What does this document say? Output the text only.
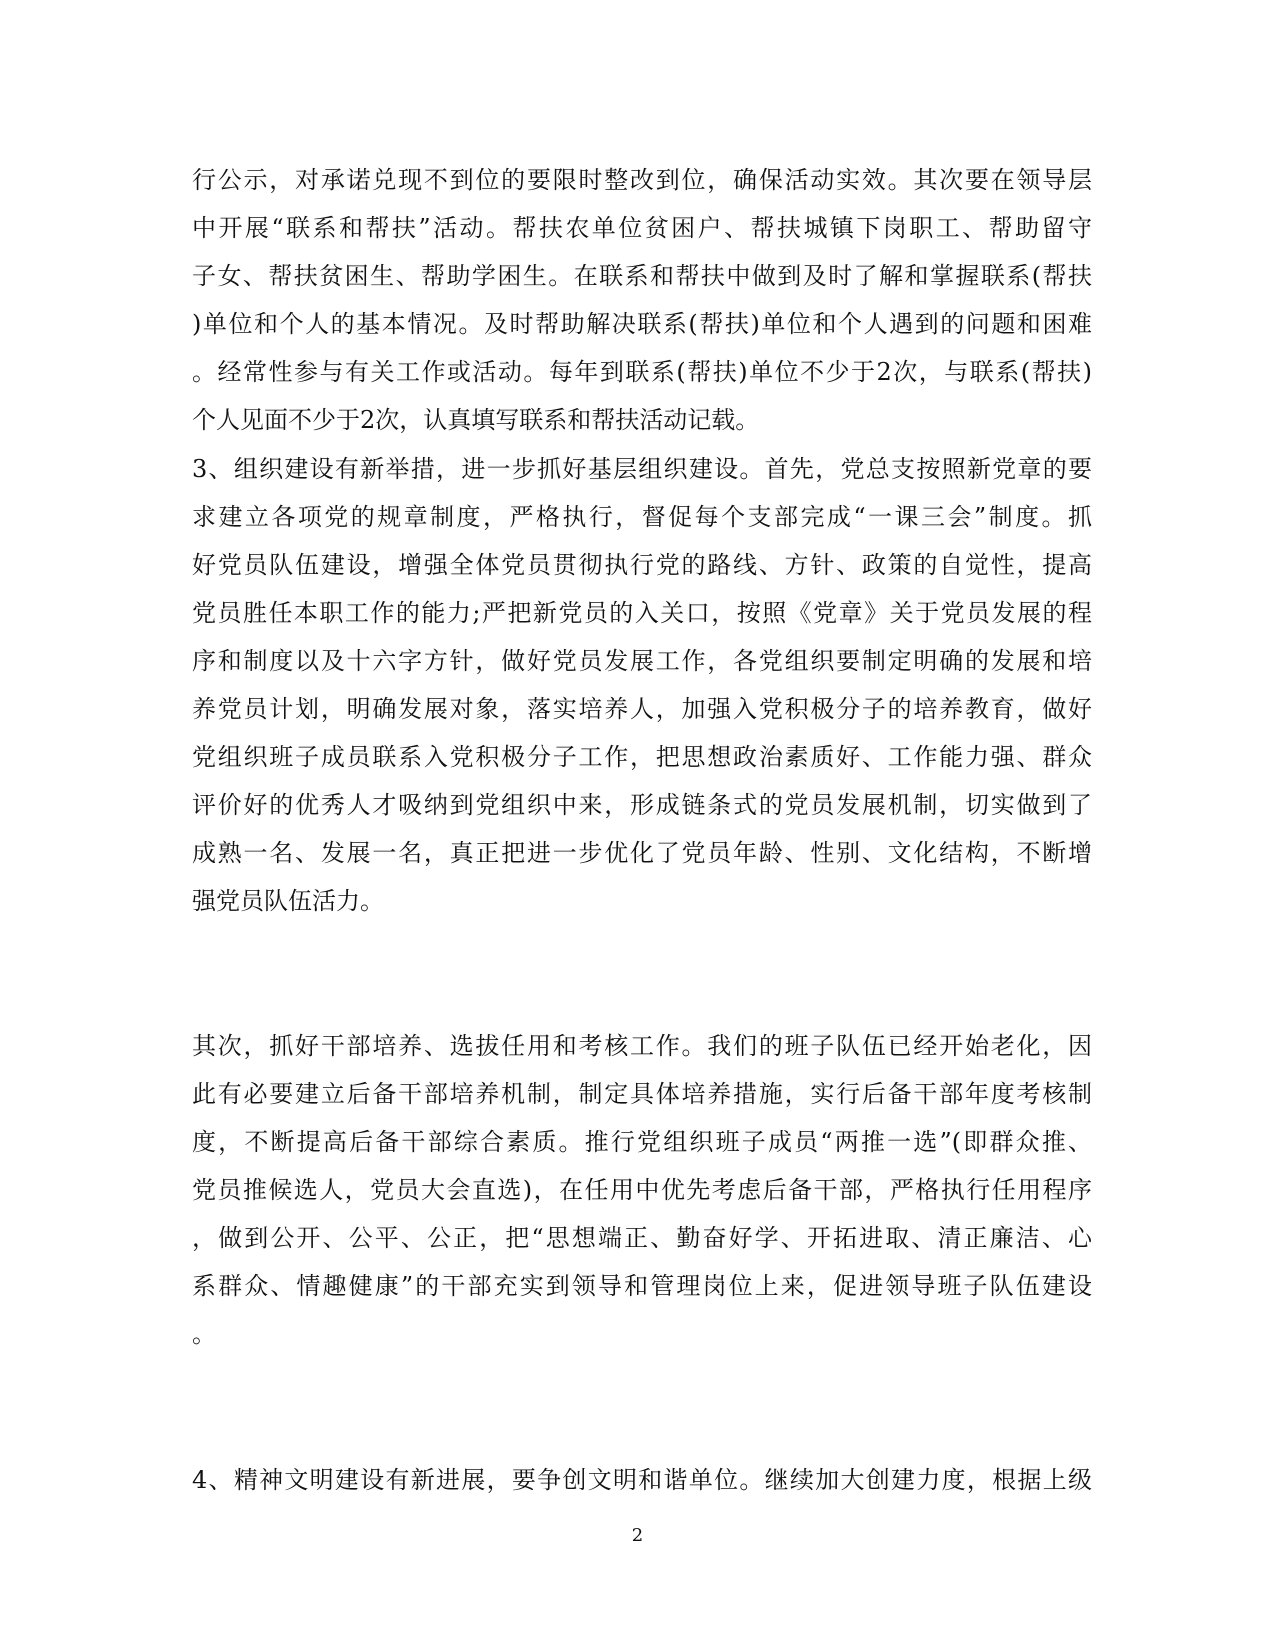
行公示，对承诺兑现不到位的要限时整改到位，确保活动实效。其次要在领导层
中开展“联系和帮扶”活动。帮扶农单位贫困户、帮扶城镇下岗职工、帮助留守
子女、帮扶贫困生、帮助学困生。在联系和帮扶中做到及时了解和掌握联系(帮扶
)单位和个人的基本情况。及时帮助解决联系(帮扶)单位和个人遇到的问题和困难
。经常性参与有关工作或活动。每年到联系(帮扶)单位不少于2次，与联系(帮扶)
个人见面不少于2次，认真填写联系和帮扶活动记载。
3、组织建设有新举措，进一步抓好基层组织建设。首先，党总支按照新党章的要
求建立各项党的规章制度，严格执行，督促每个支部完成“一课三会”制度。抓
好党员队伍建设，增强全体党员贯彻执行党的路线、方针、政策的自觉性，提高
党员胜任本职工作的能力;严把新党员的入关口，按照《党章》关于党员发展的程
序和制度以及十六字方针，做好党员发展工作，各党组织要制定明确的发展和培
养党员计划，明确发展对象，落实培养人，加强入党积极分子的培养教育，做好
党组织班子成员联系入党积极分子工作，把思想政治素质好、工作能力强、群众
评价好的优秀人才吸纳到党组织中来，形成链条式的党员发展机制，切实做到了
成熟一名、发展一名，真正把进一步优化了党员年龄、性别、文化结构，不断增
强党员队伍活力。
其次，抓好干部培养、选拔任用和考核工作。我们的班子队伍已经开始老化，因
此有必要建立后备干部培养机制，制定具体培养措施，实行后备干部年度考核制
度，不断提高后备干部综合素质。推行党组织班子成员“两推一选”(即群众推、
党员推候选人，党员大会直选)，在任用中优先考虑后备干部，严格执行任用程序
，做到公开、公平、公正，把“思想端正、勤奋好学、开拓进取、清正廉洁、心
系群众、情趣健康”的干部充实到领导和管理岗位上来，促进领导班子队伍建设
。
4、精神文明建设有新进展，要争创文明和谐单位。继续加大创建力度，根据上级
2
